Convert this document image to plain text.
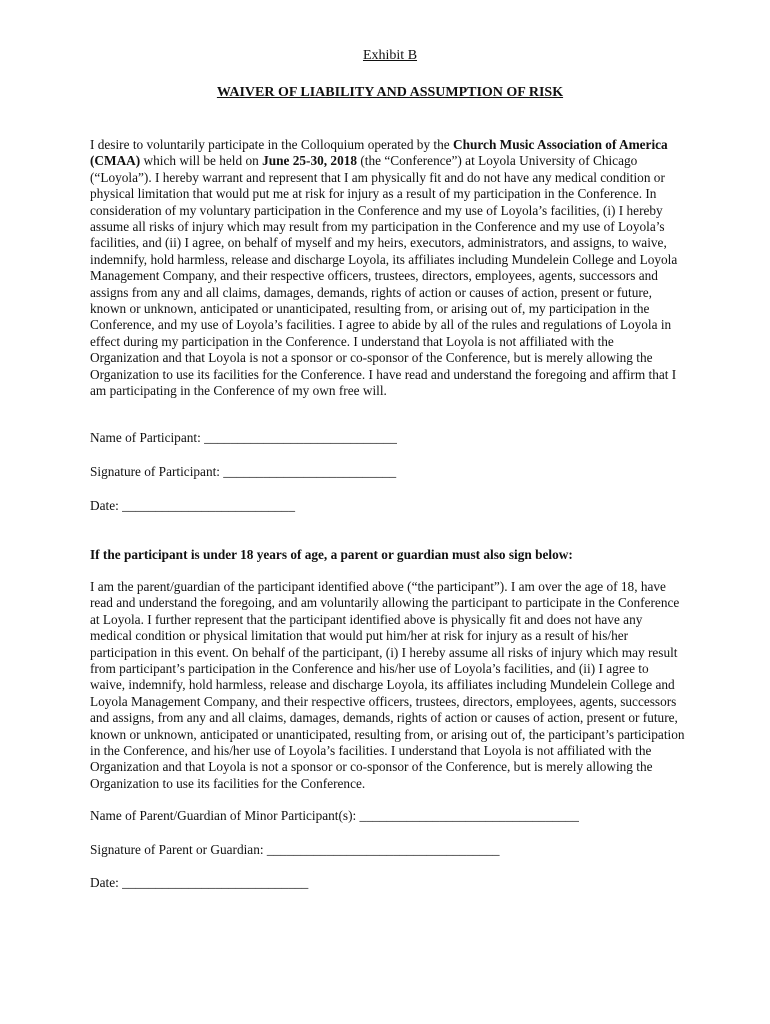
Exhibit B
WAIVER OF LIABILITY AND ASSUMPTION OF RISK

I desire to voluntarily participate in the Colloquium operated by the Church Music Association of America (CMAA) which will be held on June 25-30, 2018 (the “Conference”) at Loyola University of Chicago (“Loyola”). I hereby warrant and represent that I am physically fit and do not have any medical condition or physical limitation that would put me at risk for injury as a result of my participation in the Conference. In consideration of my voluntary participation in the Conference and my use of Loyola’s facilities, (i) I hereby assume all risks of injury which may result from my participation in the Conference and my use of Loyola’s facilities, and (ii) I agree, on behalf of myself and my heirs, executors, administrators, and assigns, to waive, indemnify, hold harmless, release and discharge Loyola, its affiliates including Mundelein College and Loyola Management Company, and their respective officers, trustees, directors, employees, agents, successors and assigns from any and all claims, damages, demands, rights of action or causes of action, present or future, known or unknown, anticipated or unanticipated, resulting from, or arising out of, my participation in the Conference, and my use of Loyola’s facilities. I agree to abide by all of the rules and regulations of Loyola in effect during my participation in the Conference. I understand that Loyola is not affiliated with the Organization and that Loyola is not a sponsor or co-sponsor of the Conference, but is merely allowing the Organization to use its facilities for the Conference. I have read and understand the foregoing and affirm that I am participating in the Conference of my own free will.

Name of Participant: _____________________________
Signature of Participant: __________________________
Date: __________________________
If the participant is under 18 years of age, a parent or guardian must also sign below:

I am the parent/guardian of the participant identified above (“the participant”). I am over the age of 18, have read and understand the foregoing, and am voluntarily allowing the participant to participate in the Conference at Loyola. I further represent that the participant identified above is physically fit and does not have any medical condition or physical limitation that would put him/her at risk for injury as a result of his/her participation in this event. On behalf of the participant, (i) I hereby assume all risks of injury which may result from participant’s participation in the Conference and his/her use of Loyola’s facilities, and (ii) I agree to waive, indemnify, hold harmless, release and discharge Loyola, its affiliates including Mundelein College and Loyola Management Company, and their respective officers, trustees, directors, employees, agents, successors and assigns, from any and all claims, damages, demands, rights of action or causes of action, present or future, known or unknown, anticipated or unanticipated, resulting from, or arising out of, the participant’s participation in the Conference, and his/her use of Loyola’s facilities. I understand that Loyola is not affiliated with the Organization and that Loyola is not a sponsor or co-sponsor of the Conference, but is merely allowing the Organization to use its facilities for the Conference.

Name of Parent/Guardian of Minor Participant(s): _________________________________
Signature of Parent or Guardian: ___________________________________
Date: ____________________________
